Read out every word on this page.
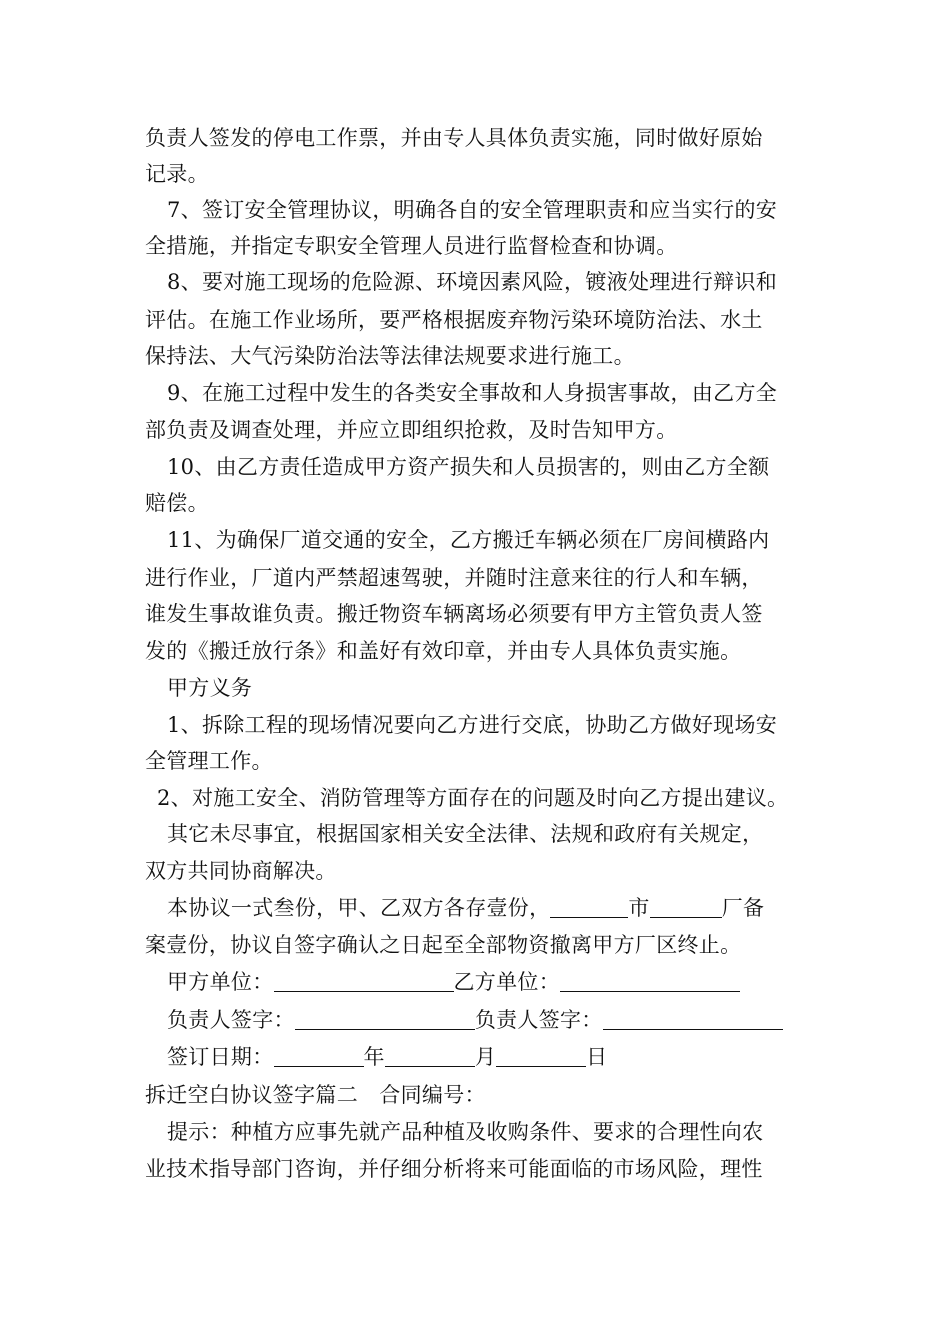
负责人签发的停电工作票，并由专人具体负责实施，同时做好原始
记录。
7、签订安全管理协议，明确各自的安全管理职责和应当实行的安
全措施，并指定专职安全管理人员进行监督检查和协调。
8、要对施工现场的危险源、环境因素风险，镀液处理进行辩识和
评估。在施工作业场所，要严格根据废弃物污染环境防治法、水土
保持法、大气污染防治法等法律法规要求进行施工。
9、在施工过程中发生的各类安全事故和人身损害事故，由乙方全
部负责及调查处理，并应立即组织抢救，及时告知甲方。
10、由乙方责任造成甲方资产损失和人员损害的，则由乙方全额
赔偿。
11、为确保厂道交通的安全，乙方搬迁车辆必须在厂房间横路内
进行作业，厂道内严禁超速驾驶，并随时注意来往的行人和车辆，
谁发生事故谁负责。搬迁物资车辆离场必须要有甲方主管负责人签
发的《搬迁放行条》和盖好有效印章，并由专人具体负责实施。
甲方义务
1、拆除工程的现场情况要向乙方进行交底，协助乙方做好现场安
全管理工作。
2、对施工安全、消防管理等方面存在的问题及时向乙方提出建议。
其它未尽事宜，根据国家相关安全法律、法规和政府有关规定，
双方共同协商解决。
本协议一式叁份，甲、乙双方各存壹份，	市	厂备
案壹份，协议自签字确认之日起至全部物资撤离甲方厂区终止。
甲方单位：	乙方单位：
负责人签字：	负责人签字：
签订日期：	年	月	日
拆迁空白协议签字篇二　合同编号：
提示：种植方应事先就产品种植及收购条件、要求的合理性向农
业技术指导部门咨询，并仔细分析将来可能面临的市场风险，理性
